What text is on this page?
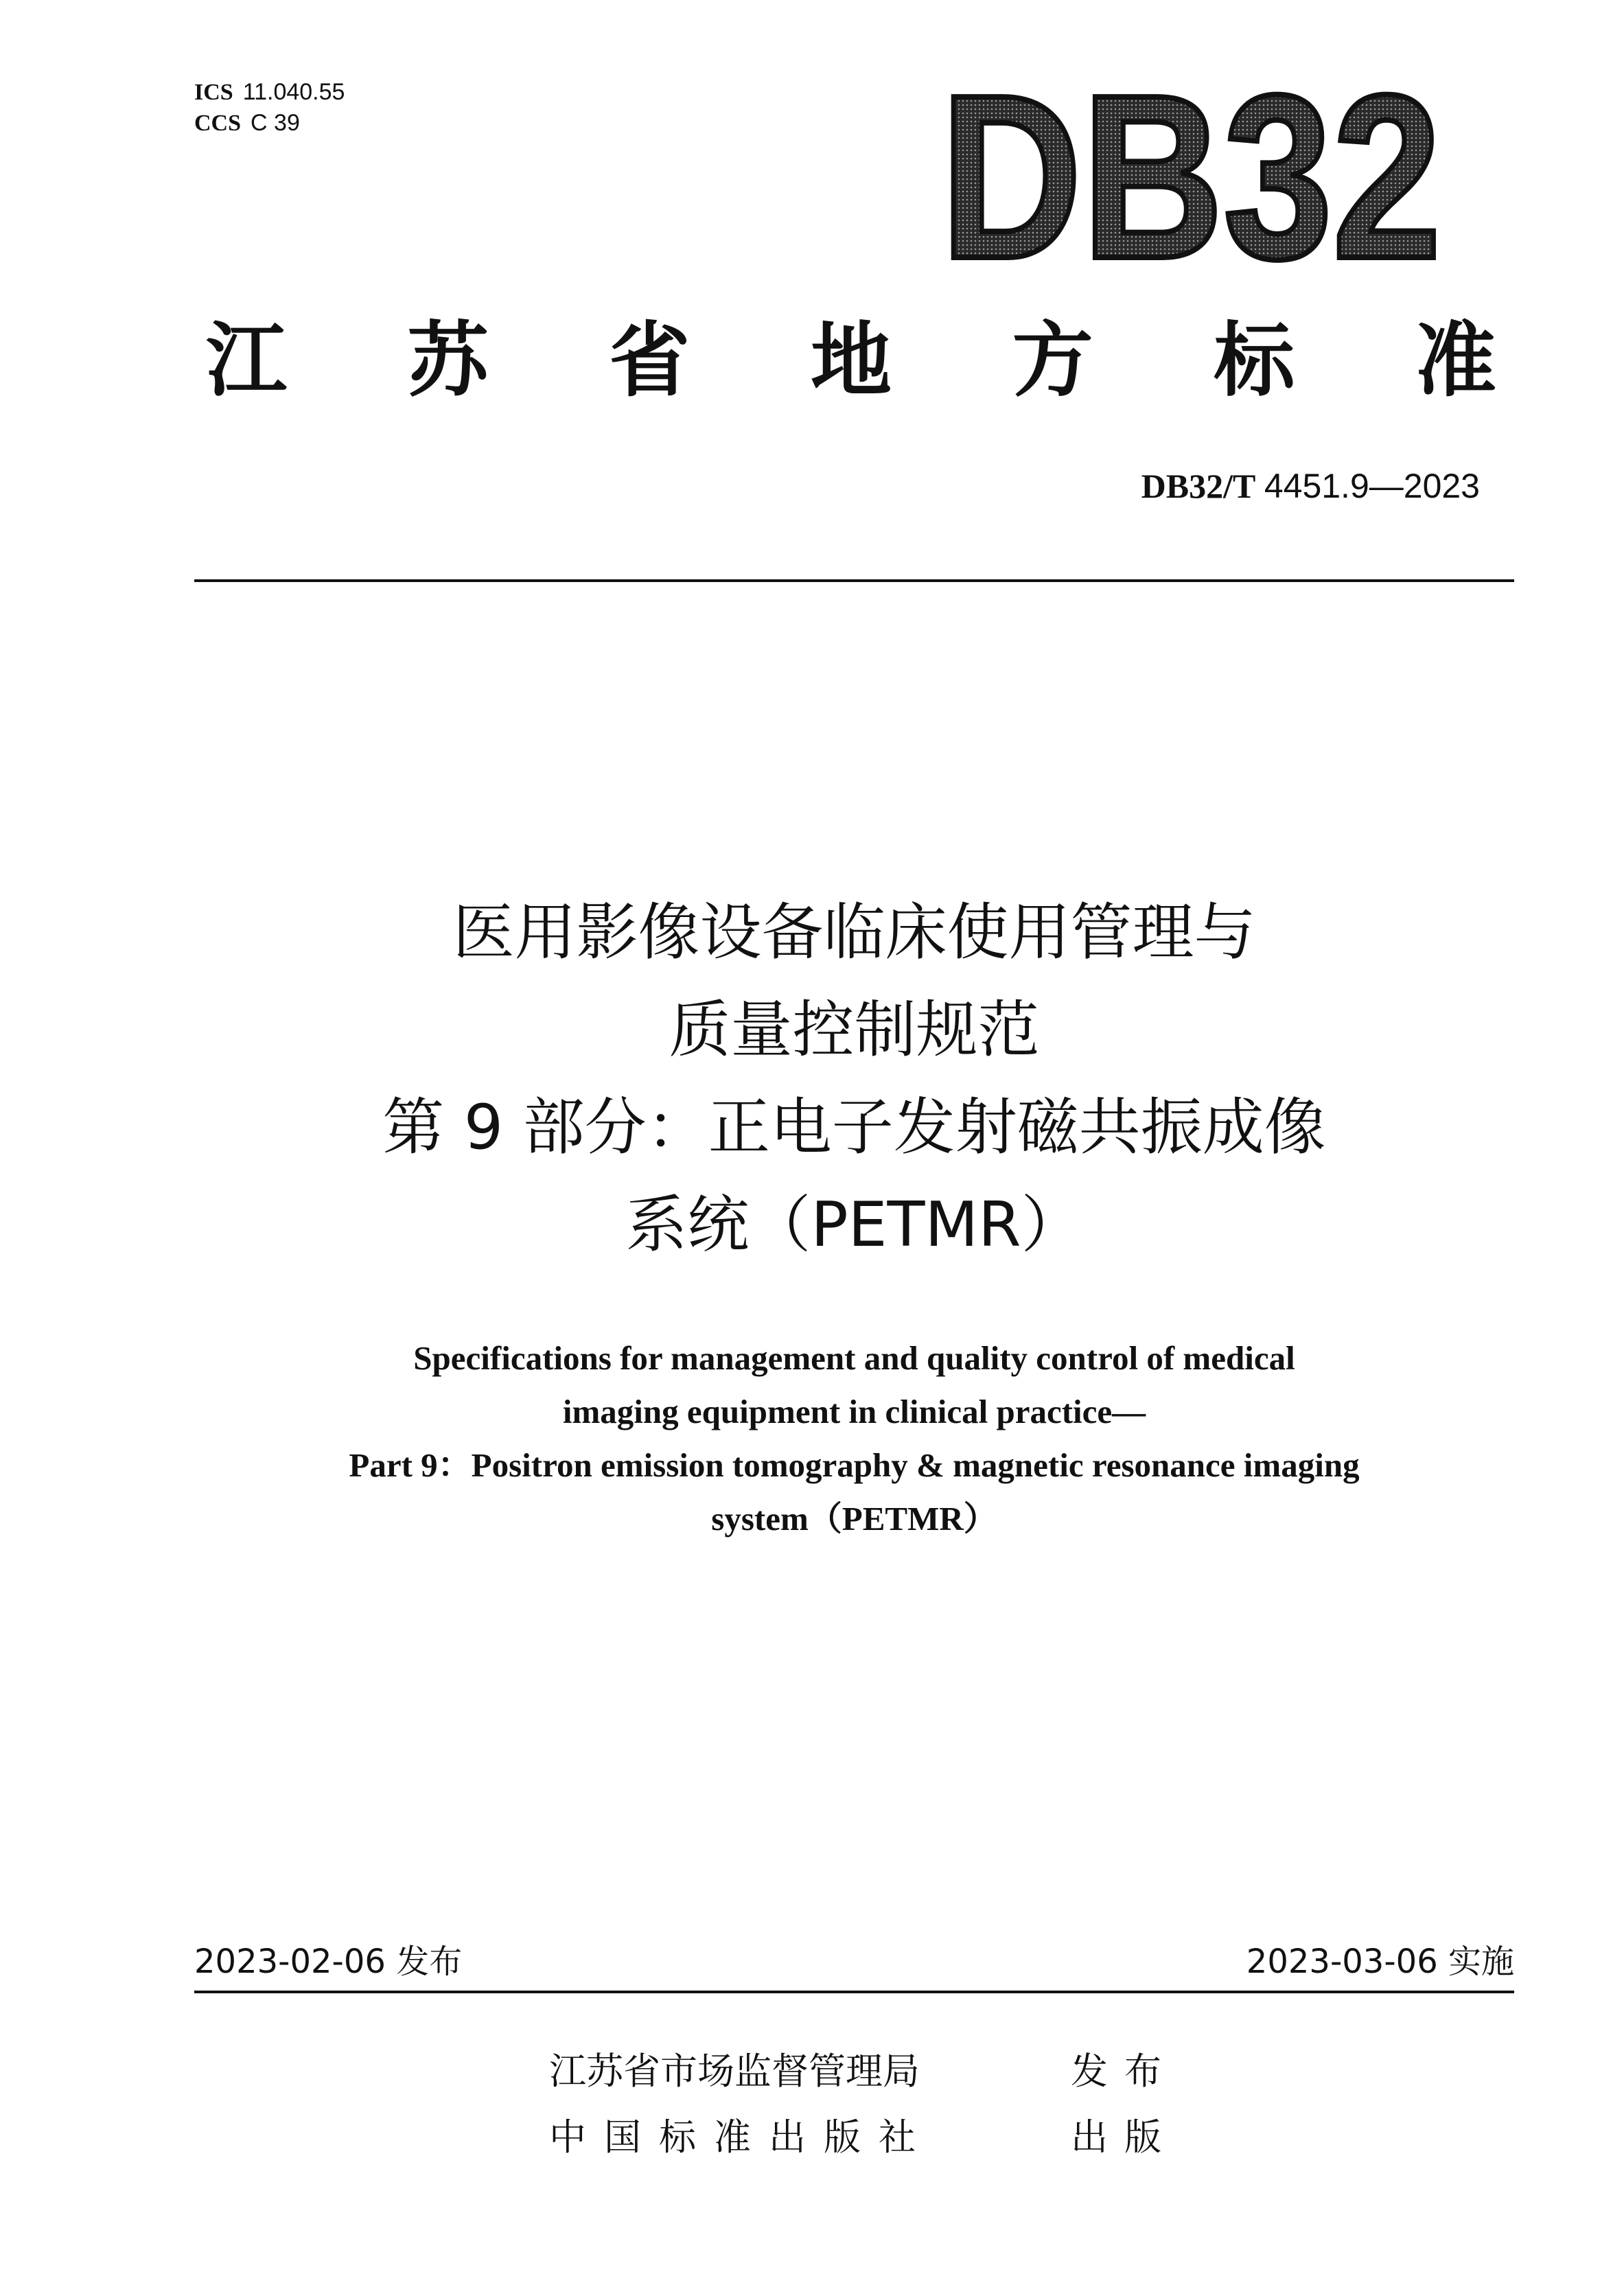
ICS 11.040.55
CCS C 39	DB32
江 苏 省 地 方 标 准
DB32/T 4451.9—2023
医用影像设备临床使用管理与
质量控制规范
第 9 部分：正电子发射磁共振成像
系统（PETMR）
Specifications for management and quality control of medical
imaging equipment in clinical practice—
Part 9：Positron emission tomography & magnetic resonance imaging
system（PETMR）
2023-02-06 发布	2023-03-06 实施
江苏省市场监督管理局	发布
中国标准出版社	出版
